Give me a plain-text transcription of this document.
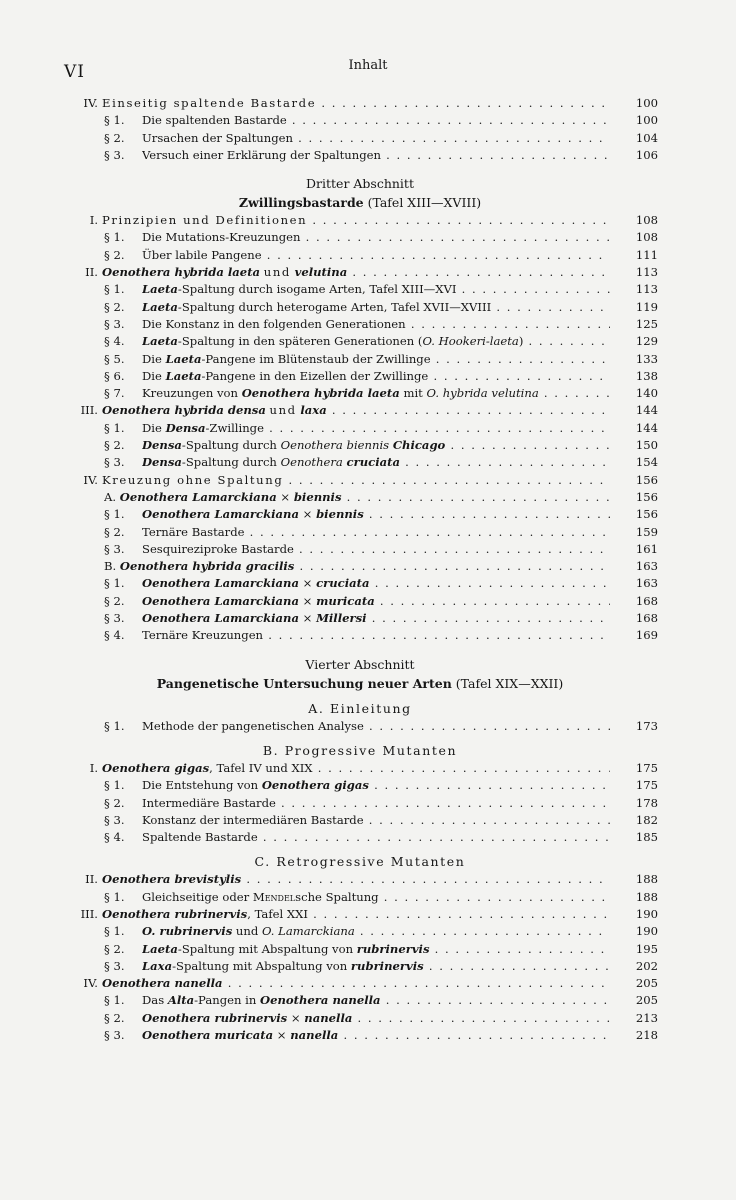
VI	Inhalt
IV. Einseitig spaltende Bastarde . . .	100
§ 1.	Die spaltenden Bastarde . . .	100
§ 2.	Ursachen der Spaltungen . . .	104
§ 3.	Versuch einer Erklärung der Spaltungen . . .	106
Dritter Abschnitt
Zwillingsbastarde (Tafel XIII—XVIII)
I. Prinzipien und Definitionen . . .	108
§ 1.	Die Mutations-Kreuzungen . . .	108
§ 2.	Über labile Pangene . . .	111
II. Oenothera hybrida laeta und velutina . . .	113
§ 1.	Laeta-Spaltung durch isogame Arten, Tafel XIII—XVI . . .	113
§ 2.	Laeta-Spaltung durch heterogame Arten, Tafel XVII—XVIII . . .	119
§ 3.	Die Konstanz in den folgenden Generationen . . .	125
§ 4.	Laeta-Spaltung in den späteren Generationen (O. Hookeri-laeta) . . .	129
§ 5.	Die Laeta-Pangene im Blütenstaub der Zwillinge . . .	133
§ 6.	Die Laeta-Pangene in den Eizellen der Zwillinge . . .	138
§ 7.	Kreuzungen von Oenothera hybrida laeta mit O. hybrida velutina . . .	140
III. Oenothera hybrida densa und laxa . . .	144
§ 1.	Die Densa-Zwillinge . . .	144
§ 2.	Densa-Spaltung durch Oenothera biennis Chicago . . .	150
§ 3.	Densa-Spaltung durch Oenothera cruciata . . .	154
IV. Kreuzung ohne Spaltung . . .	156
A. Oenothera Lamarckiana × biennis . . .	156
§ 1.	Oenothera Lamarckiana × biennis . . .	156
§ 2.	Ternäre Bastarde . . .	159
§ 3.	Sesquireziproke Bastarde . . .	161
B. Oenothera hybrida gracilis . . .	163
§ 1.	Oenothera Lamarckiana × cruciata . . .	163
§ 2.	Oenothera Lamarckiana × muricata . . .	168
§ 3.	Oenothera Lamarckiana × Millersi . . .	168
§ 4.	Ternäre Kreuzungen . . .	169
Vierter Abschnitt
Pangenetische Untersuchung neuer Arten (Tafel XIX—XXII)
A. Einleitung
§ 1.	Methode der pangenetischen Analyse . . .	173
B. Progressive Mutanten
I. Oenothera gigas, Tafel IV und XIX . . .	175
§ 1.	Die Entstehung von Oenothera gigas . . .	175
§ 2.	Intermediäre Bastarde . . .	178
§ 3.	Konstanz der intermediären Bastarde . . .	182
§ 4.	Spaltende Bastarde . . .	185
C. Retrogressive Mutanten
II. Oenothera brevistylis . . .	188
§ 1.	Gleichseitige oder Mendelsche Spaltung . . .	188
III. Oenothera rubrinervis, Tafel XXI . . .	190
§ 1.	O. rubrinervis und O. Lamarckiana . . .	190
§ 2.	Laeta-Spaltung mit Abspaltung von rubrinervis . . .	195
§ 3.	Laxa-Spaltung mit Abspaltung von rubrinervis . . .	202
IV. Oenothera nanella . . .	205
§ 1.	Das Alta-Pangen in Oenothera nanella . . .	205
§ 2.	Oenothera rubrinervis × nanella . . .	213
§ 3.	Oenothera muricata × nanella . . .	218
